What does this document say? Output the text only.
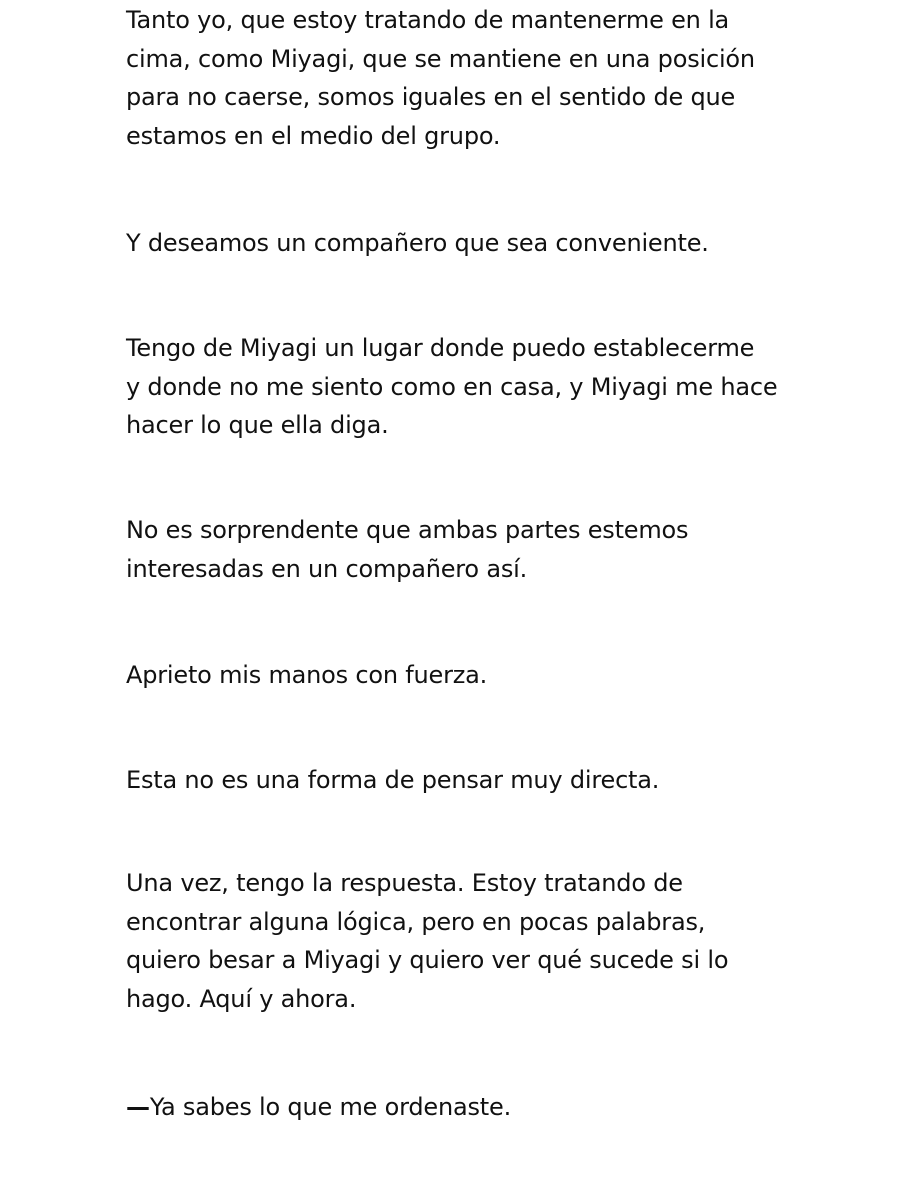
Tanto yo, que estoy tratando de mantenerme en la
cima, como Miyagi, que se mantiene en una posición
para no caerse, somos iguales en el sentido de que
estamos en el medio del grupo.

Y deseamos un compañero que sea conveniente.

Tengo de Miyagi un lugar donde puedo establecerme
y donde no me siento como en casa, y Miyagi me hace
hacer lo que ella diga.

No es sorprendente que ambas partes estemos
interesadas en un compañero así.

Aprieto mis manos con fuerza.

Esta no es una forma de pensar muy directa.

Una vez, tengo la respuesta. Estoy tratando de
encontrar alguna lógica, pero en pocas palabras,
quiero besar a Miyagi y quiero ver qué sucede si lo
hago. Aquí y ahora.

—Ya sabes lo que me ordenaste.
